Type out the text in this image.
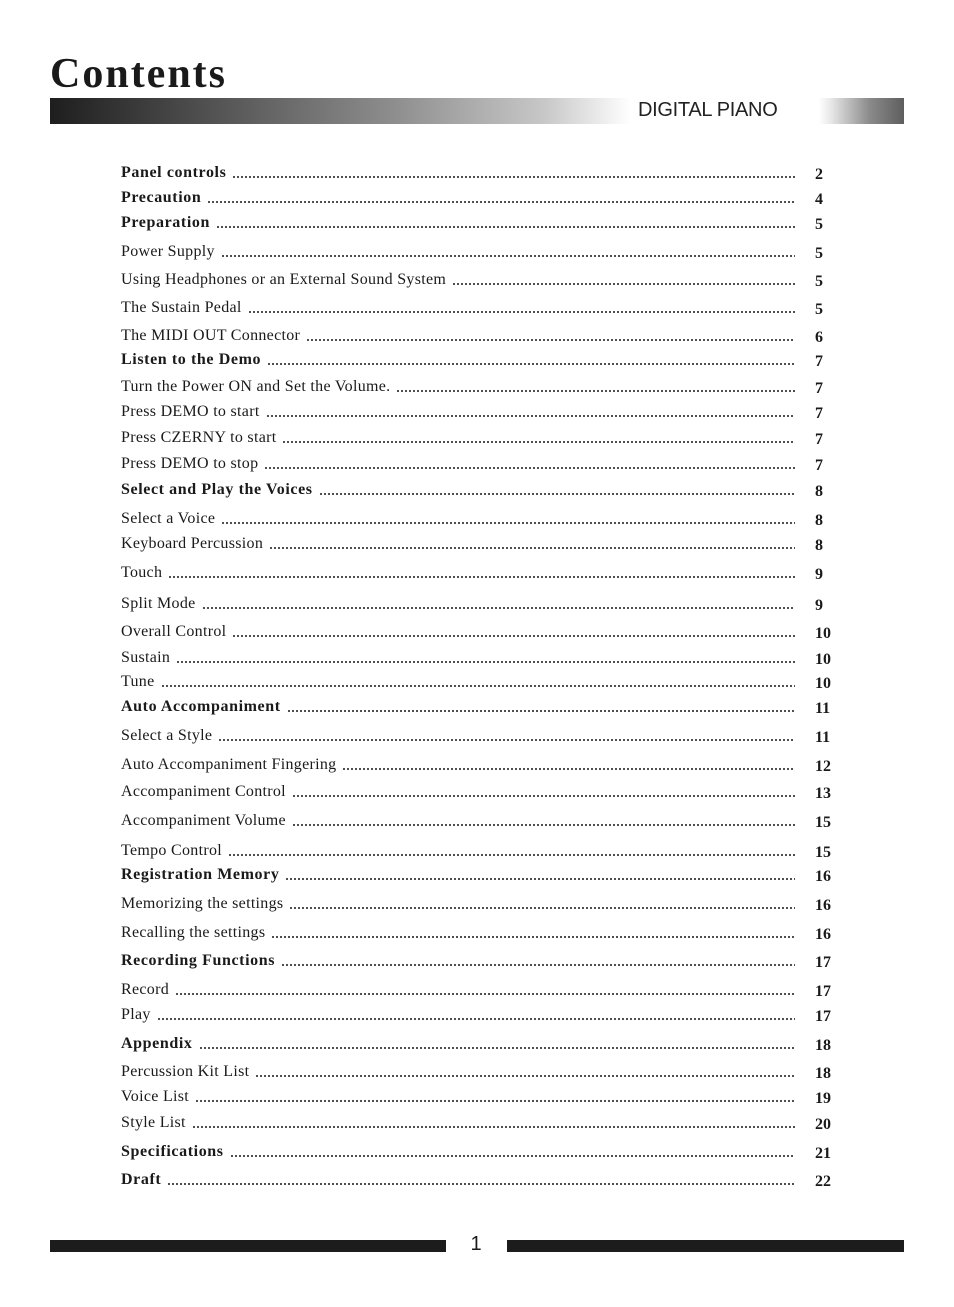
Contents
DIGITAL PIANO
Panel controls	2
Precaution	4
Preparation	5
Power Supply	5
Using Headphones or an External Sound System	5
The Sustain Pedal	5
The MIDI OUT Connector	6
Listen to the Demo	7
Turn the Power ON and Set the Volume.	7
Press DEMO to start	7
Press CZERNY to start	7
Press DEMO to stop	7
Select and Play the Voices	8
Select a Voice	8
Keyboard Percussion	8
Touch	9
Split Mode	9
Overall Control	10
Sustain	10
Tune	10
Auto Accompaniment	11
Select a Style	11
Auto Accompaniment Fingering	12
Accompaniment Control	13
Accompaniment Volume	15
Tempo Control	15
Registration Memory	16
Memorizing the settings	16
Recalling the settings	16
Recording Functions	17
Record	17
Play	17
Appendix	18
Percussion Kit List	18
Voice List	19
Style List	20
Specifications	21
Draft	22
1
